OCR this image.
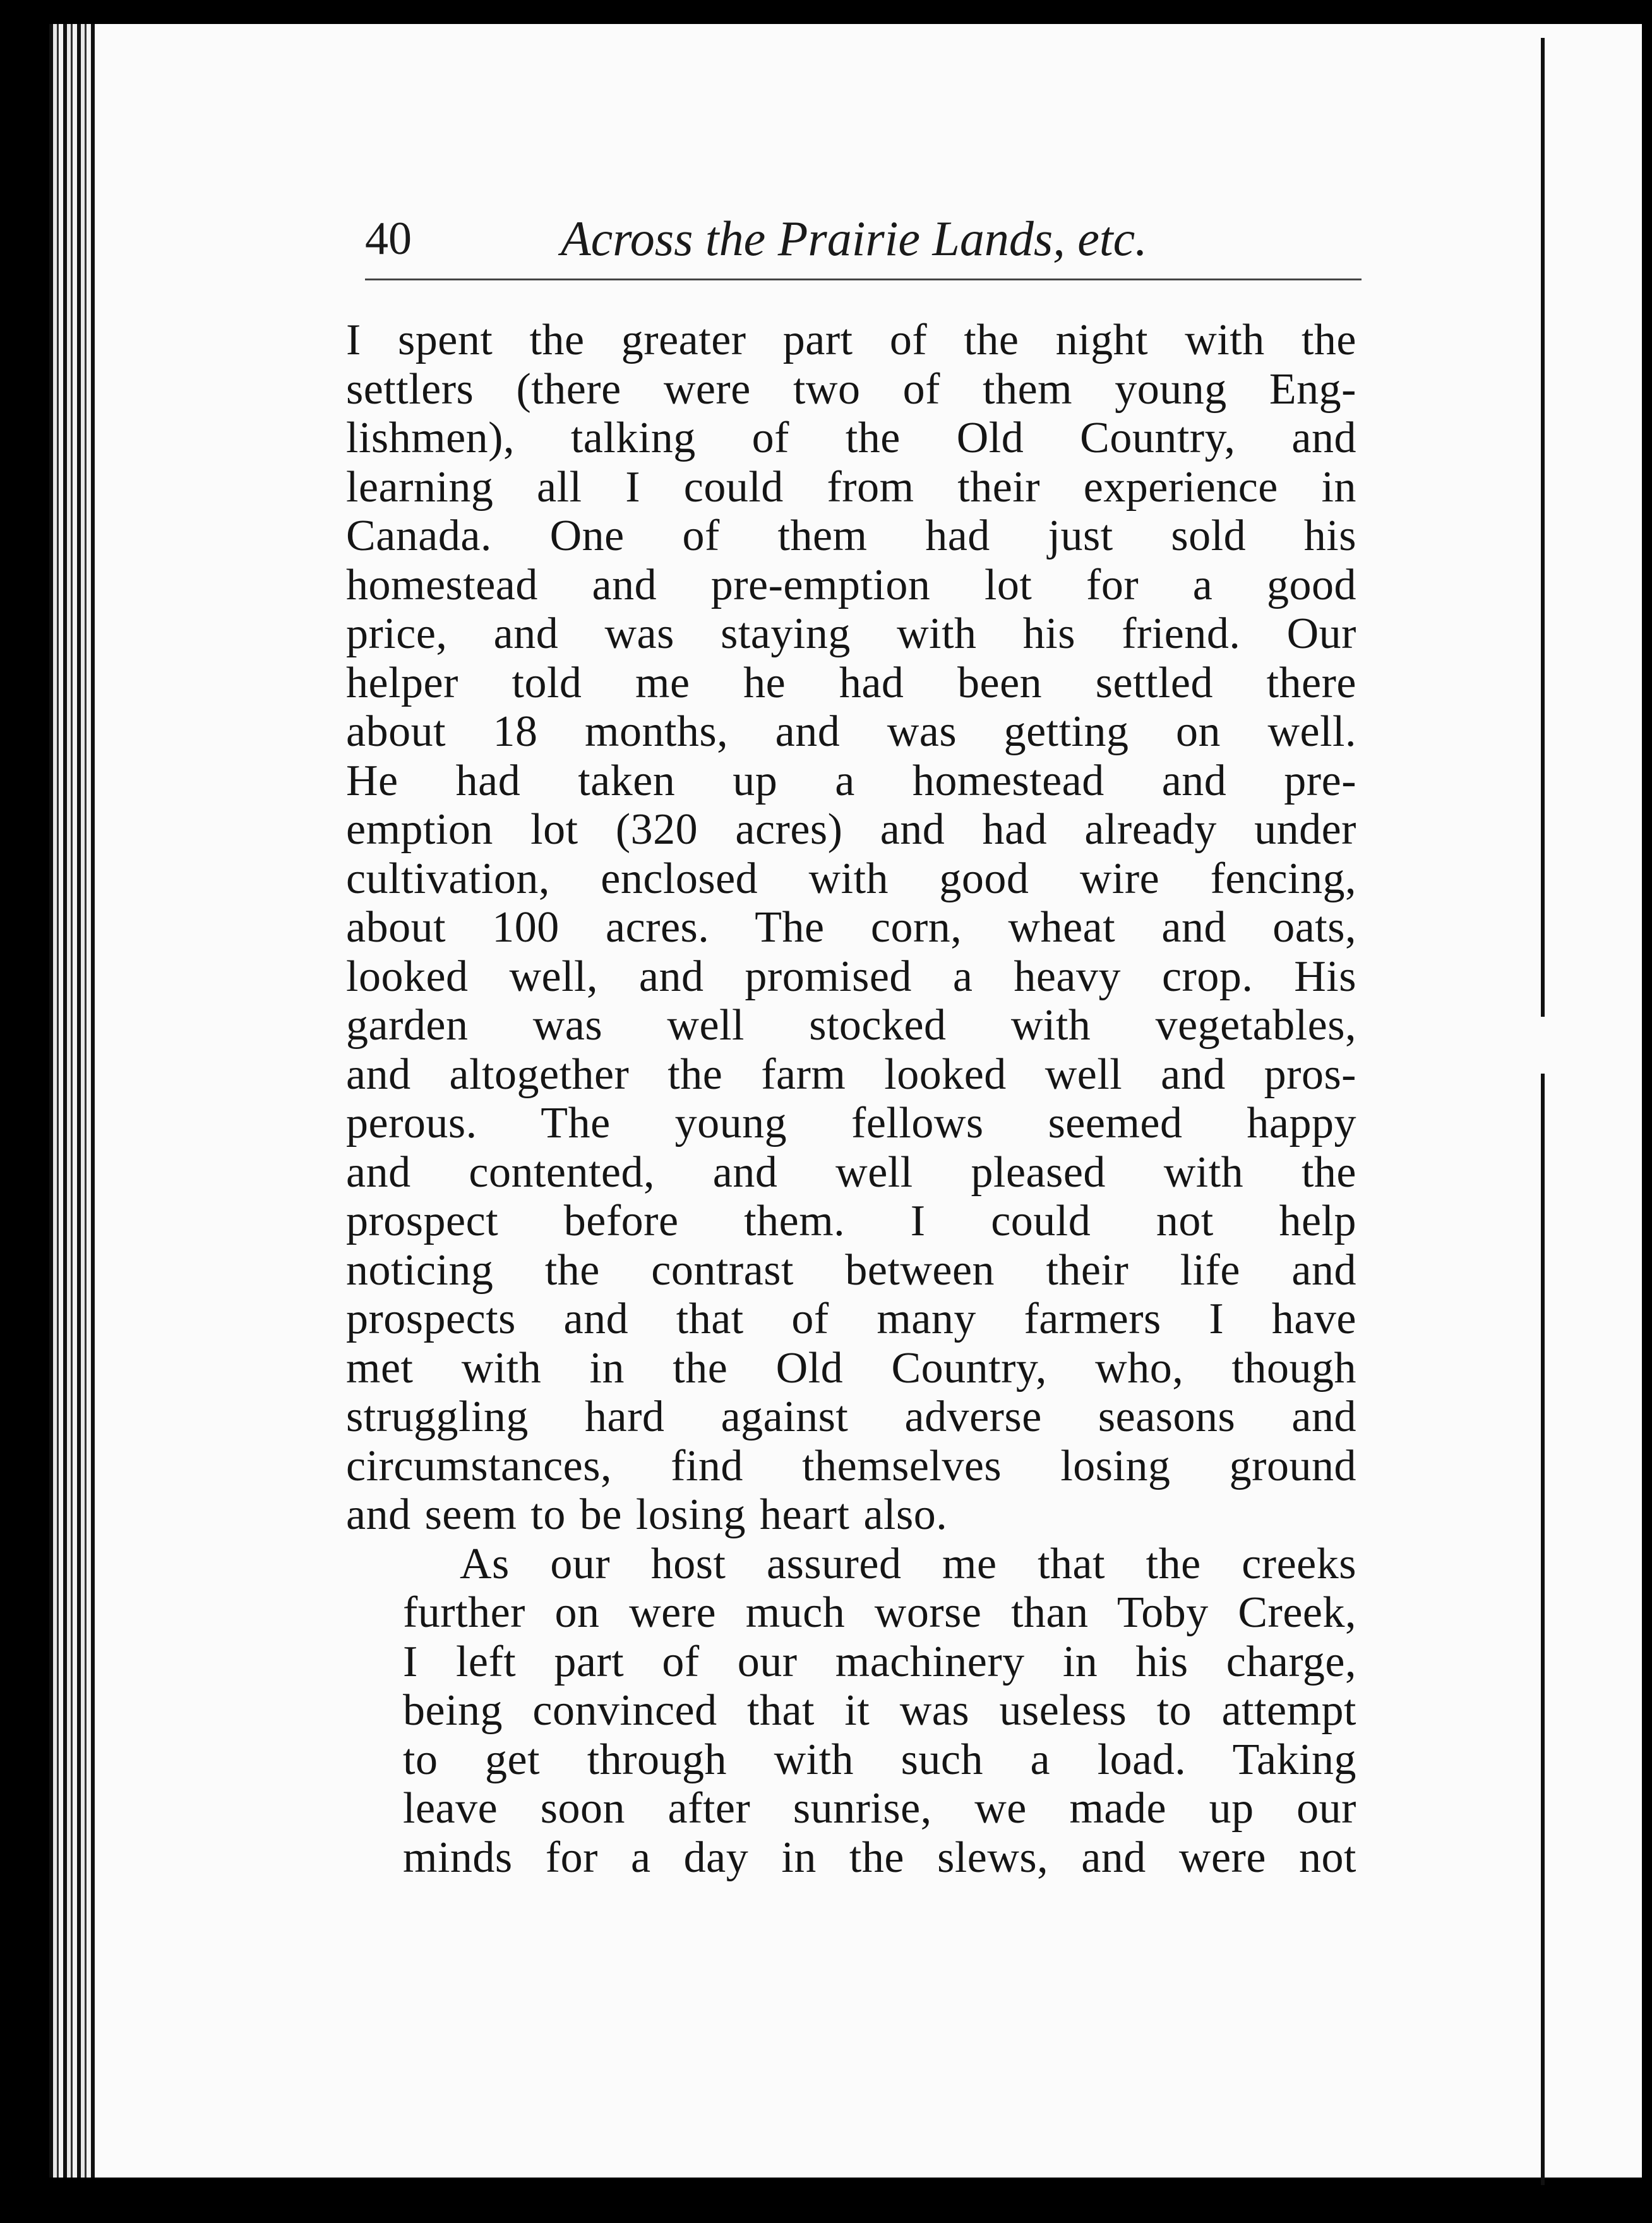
40	Across the Prairie Lands, etc.
I spent the greater part of the night with the
settlers (there were two of them young Eng-
lishmen), talking of the Old Country, and
learning all I could from their experience in
Canada. One of them had just sold his
homestead and pre-emption lot for a good
price, and was staying with his friend. Our
helper told me he had been settled there
about 18 months, and was getting on well.
He had taken up a homestead and pre-
emption lot (320 acres) and had already under
cultivation, enclosed with good wire fencing,
about 100 acres. The corn, wheat and oats,
looked well, and promised a heavy crop. His
garden was well stocked with vegetables,
and altogether the farm looked well and pros-
perous. The young fellows seemed happy
and contented, and well pleased with the
prospect before them. I could not help
noticing the contrast between their life and
prospects and that of many farmers I have
met with in the Old Country, who, though
struggling hard against adverse seasons and
circumstances, find themselves losing ground
and seem to be losing heart also.
As our host assured me that the creeks
further on were much worse than Toby Creek,
I left part of our machinery in his charge,
being convinced that it was useless to attempt
to get through with such a load. Taking
leave soon after sunrise, we made up our
minds for a day in the slews, and were not
